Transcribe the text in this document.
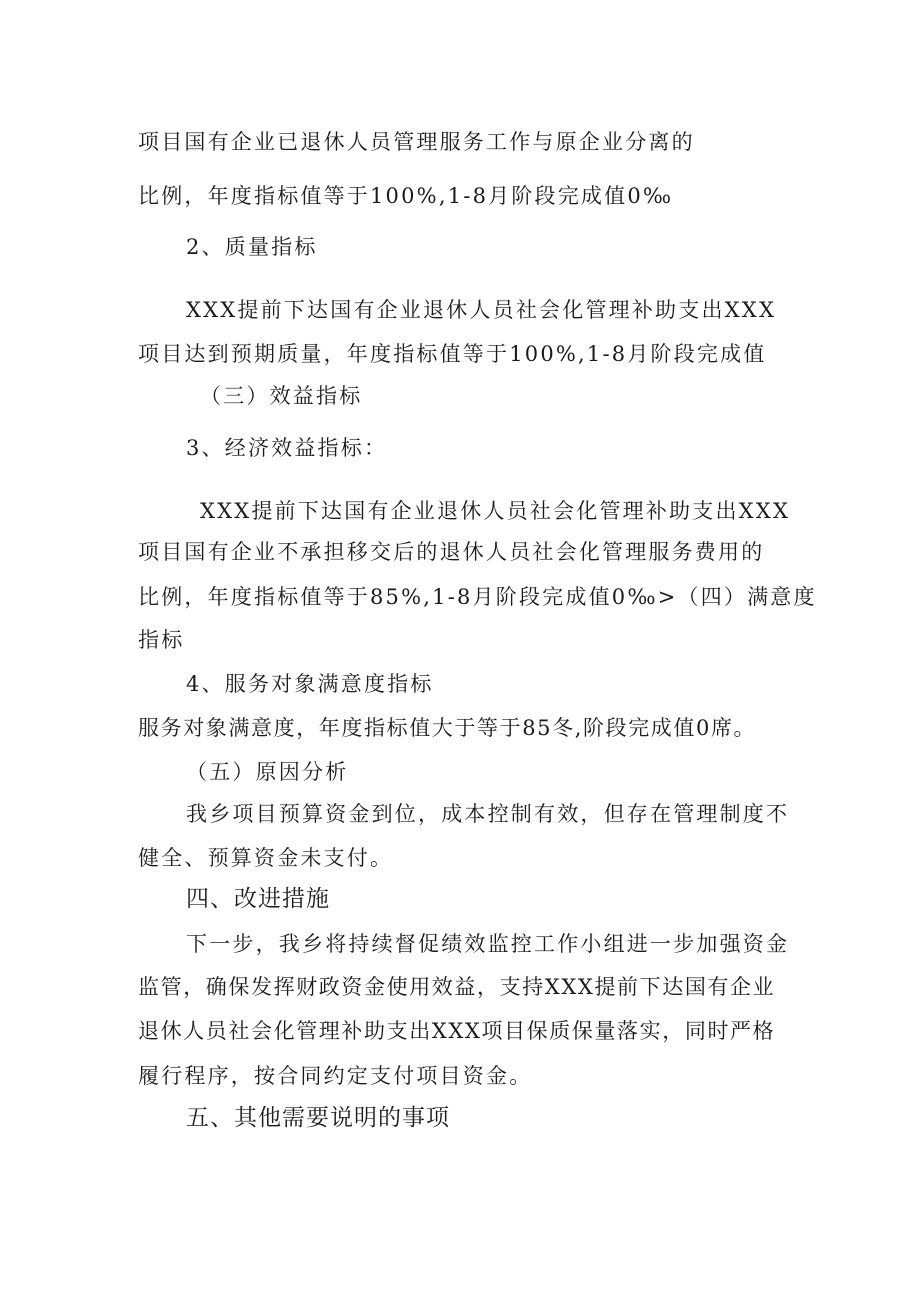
项目国有企业已退休人员管理服务工作与原企业分离的
比例，年度指标值等于100%,1-8月阶段完成值0‰
2、质量指标
XXX提前下达国有企业退休人员社会化管理补助支出XXX
项目达到预期质量，年度指标值等于100%,1-8月阶段完成值
（三）效益指标
3、经济效益指标：
XXX提前下达国有企业退休人员社会化管理补助支出XXX
项目国有企业不承担移交后的退休人员社会化管理服务费用的
比例，年度指标值等于85%,1-8月阶段完成值0‰>（四）满意度
指标
4、服务对象满意度指标
服务对象满意度，年度指标值大于等于85冬,阶段完成值0席。
（五）原因分析
我乡项目预算资金到位，成本控制有效，但存在管理制度不
健全、预算资金未支付。
四、改进措施
下一步，我乡将持续督促绩效监控工作小组进一步加强资金
监管，确保发挥财政资金使用效益，支持XXX提前下达国有企业
退休人员社会化管理补助支出XXX项目保质保量落实，同时严格
履行程序，按合同约定支付项目资金。
五、其他需要说明的事项
